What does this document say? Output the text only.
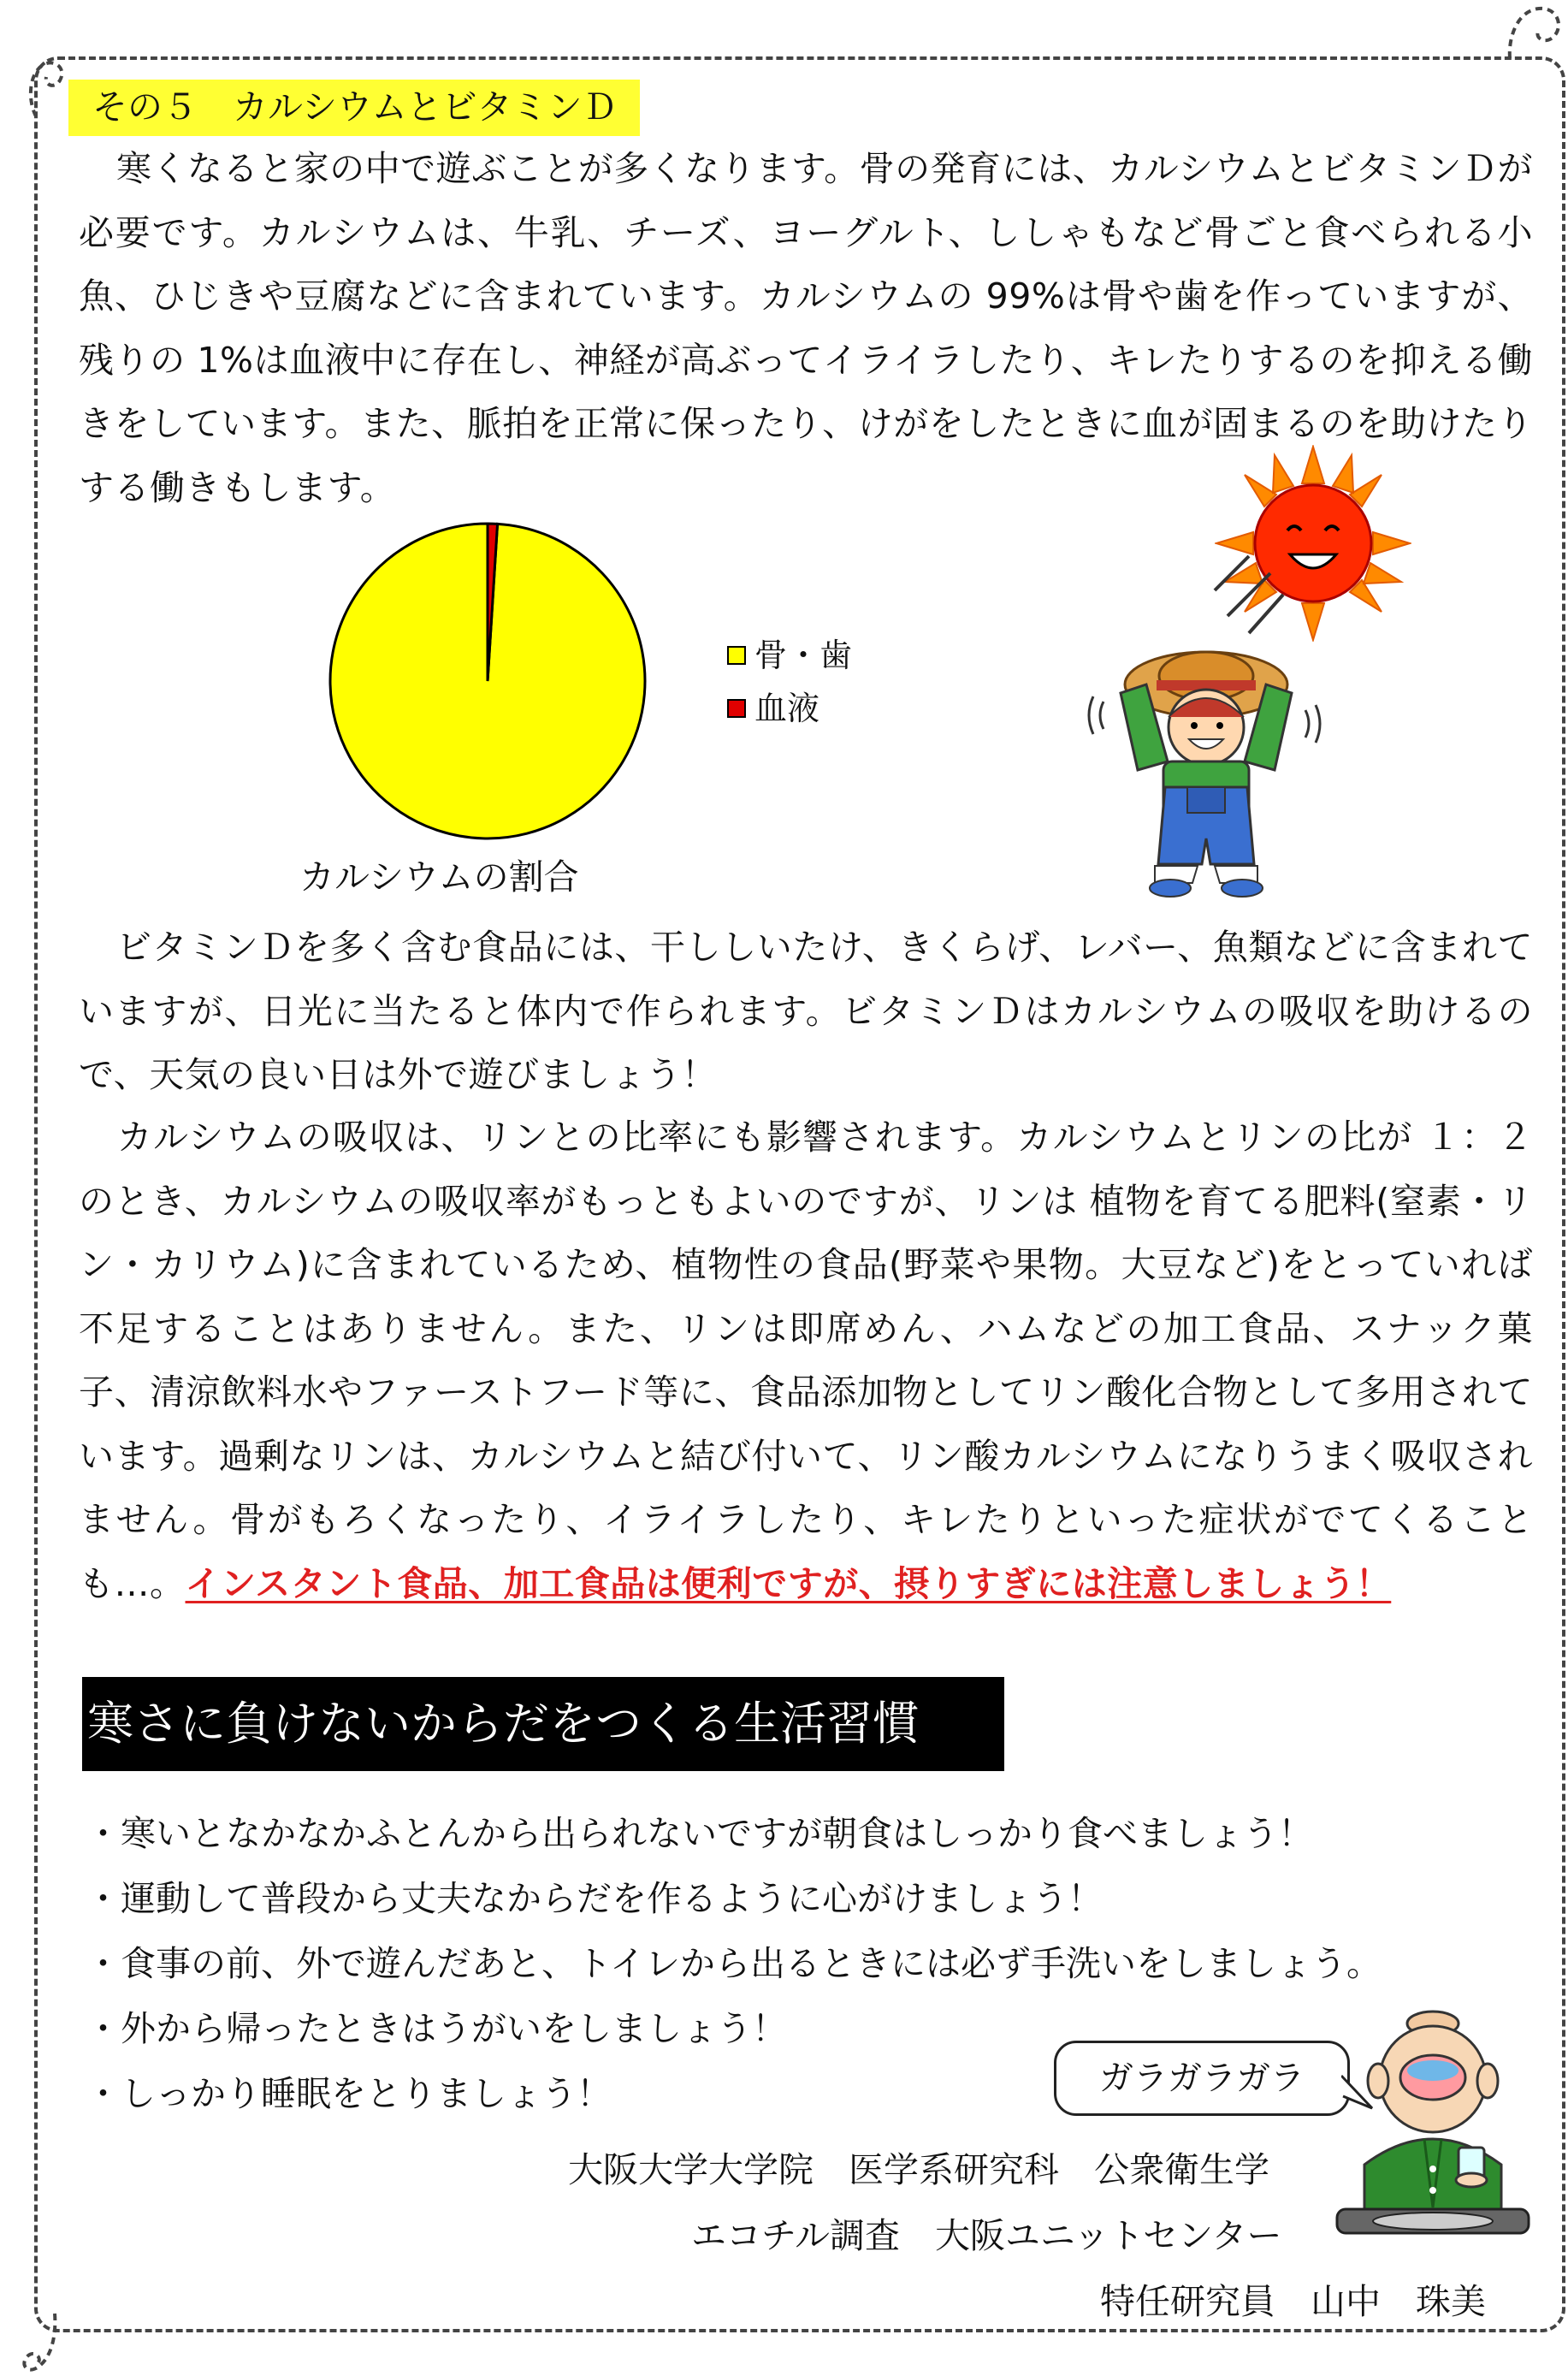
その５　カルシウムとビタミンＤ
寒くなると家の中で遊ぶことが多くなります。骨の発育には、カルシウムとビタミンＤが必要です。カルシウムは、牛乳、チーズ、ヨーグルト、ししゃもなど骨ごと食べられる小魚、ひじきや豆腐などに含まれています。カルシウムの 99%は骨や歯を作っていますが、残りの 1%は血液中に存在し、神経が高ぶってイライラしたり、キレたりするのを抑える働きをしています。また、脈拍を正常に保ったり、けがをしたときに血が固まるのを助けたりする働きもします。
骨・歯
血液
カルシウムの割合
ビタミンＤを多く含む食品には、干ししいたけ、きくらげ、レバー、魚類などに含まれていますが、日光に当たると体内で作られます。ビタミンＤはカルシウムの吸収を助けるので、天気の良い日は外で遊びましょう！
カルシウムの吸収は、リンとの比率にも影響されます。カルシウムとリンの比が １：２のとき、カルシウムの吸収率がもっともよいのですが、リンは 植物を育てる肥料(窒素・リン・カリウム)に含まれているため、植物性の食品(野菜や果物。大豆など)をとっていれば不足することはありません。また、リンは即席めん、ハムなどの加工食品、スナック菓子、清涼飲料水やファーストフード等に、食品添加物としてリン酸化合物として多用されています。過剰なリンは、カルシウムと結び付いて、リン酸カルシウムになりうまく吸収されません。骨がもろくなったり、イライラしたり、キレたりといった症状がでてくることも…。インスタント食品、加工食品は便利ですが、摂りすぎには注意しましょう！
寒さに負けないからだをつくる生活習慣
・寒いとなかなかふとんから出られないですが朝食はしっかり食べましょう！
・運動して普段から丈夫なからだを作るように心がけましょう！
・食事の前、外で遊んだあと、トイレから出るときには必ず手洗いをしましょう。
・外から帰ったときはうがいをしましょう！
・しっかり睡眠をとりましょう！	ガラガラガラ
大阪大学大学院　医学系研究科　公衆衛生学
エコチル調査　大阪ユニットセンター
特任研究員　山中　珠美
